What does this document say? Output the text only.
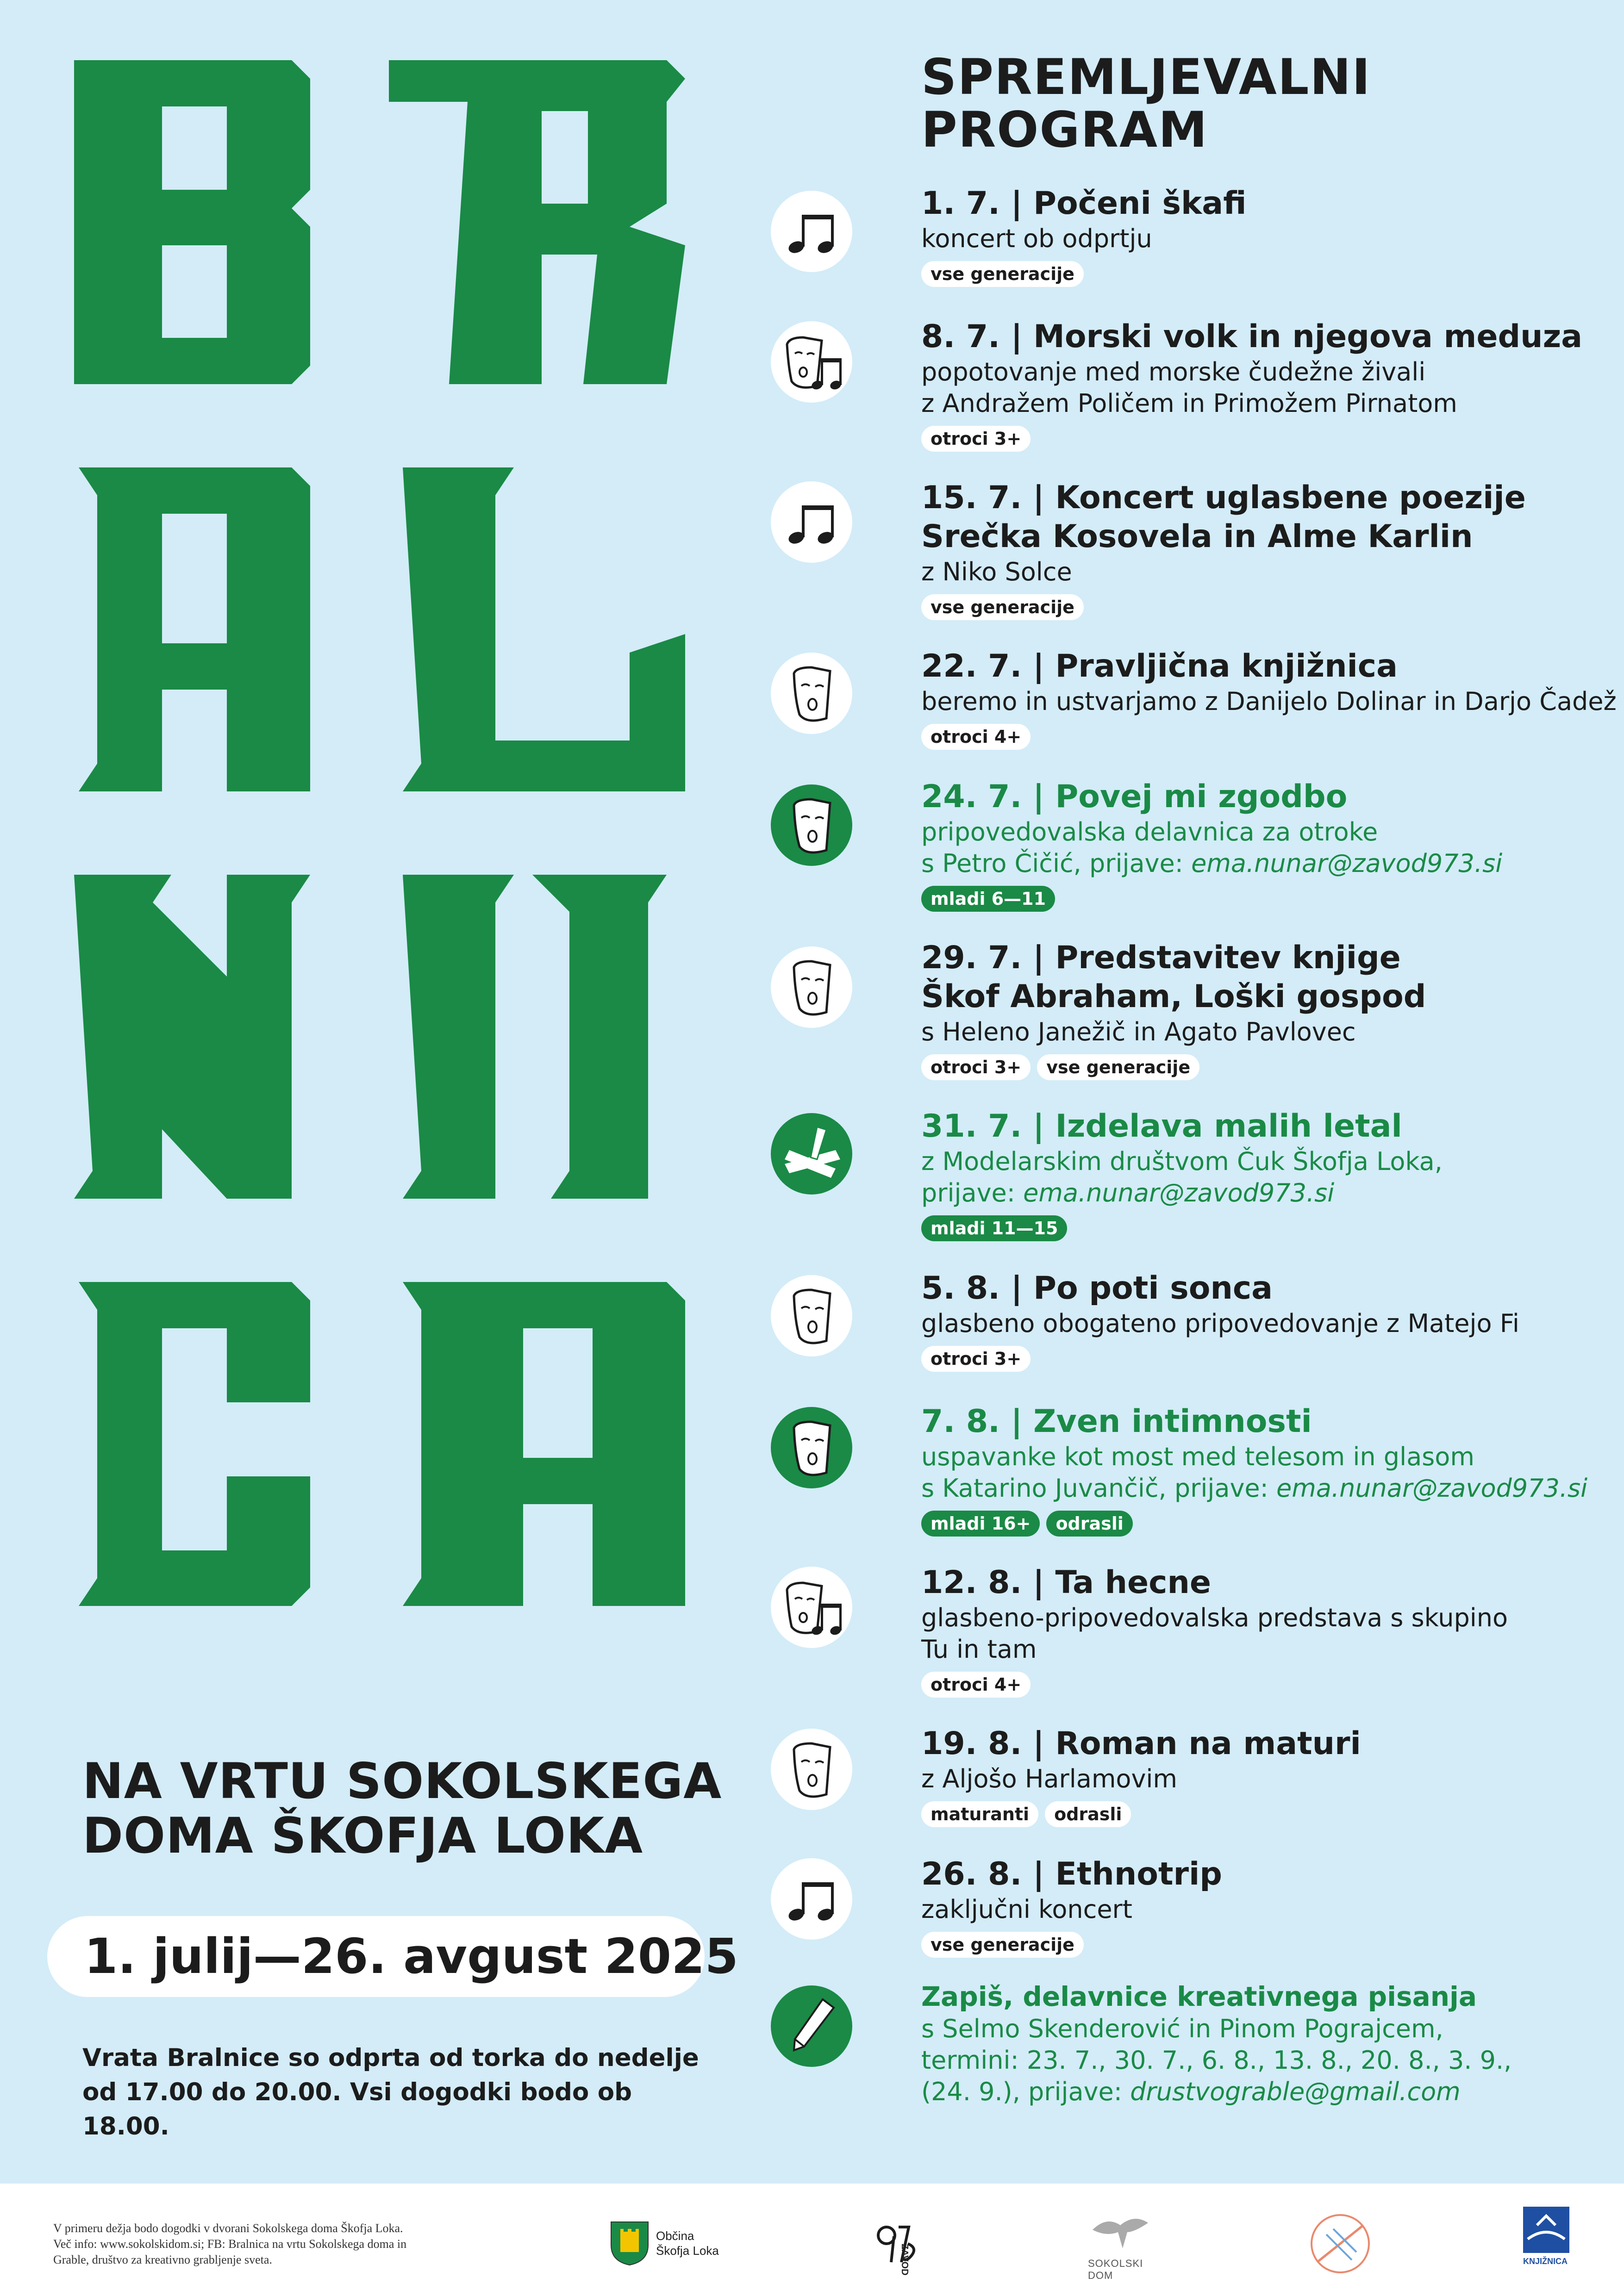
NA VRTU SOKOLSKEGA
DOMA ŠKOFJA LOKA
1. julij—26. avgust 2025
Vrata Bralnice so odprta od torka do nedelje
od 17.00 do 20.00. Vsi dogodki bodo ob 18.00.
SPREMLJEVALNI
PROGRAM
1. 7. | Počeni škafi
koncert ob odprtju
vse generacije
8. 7. | Morski volk in njegova meduza
popotovanje med morske čudežne živali
z Andražem Poličem in Primožem Pirnatom
otroci 3+
15. 7. | Koncert uglasbene poezije
Srečka Kosovela in Alme Karlin
z Niko Solce
vse generacije
22. 7. | Pravljična knjižnica
beremo in ustvarjamo z Danijelo Dolinar in Darjo Čadež
otroci 4+
24. 7. | Povej mi zgodbo
pripovedovalska delavnica za otroke
s Petro Čičić, prijave: ema.nunar@zavod973.si
mladi 6—11
29. 7. | Predstavitev knjige
Škof Abraham, Loški gospod
s Heleno Janežič in Agato Pavlovec
otroci 3+ vse generacije
31. 7. | Izdelava malih letal
z Modelarskim društvom Čuk Škofja Loka,
prijave: ema.nunar@zavod973.si
mladi 11—15
5. 8. | Po poti sonca
glasbeno obogateno pripovedovanje z Matejo Fi
otroci 3+
7. 8. | Zven intimnosti
uspavanke kot most med telesom in glasom
s Katarino Juvančič, prijave: ema.nunar@zavod973.si
mladi 16+ odrasli
12. 8. | Ta hecne
glasbeno-pripovedovalska predstava s skupino
Tu in tam
otroci 4+
19. 8. | Roman na maturi
z Aljošo Harlamovim
maturanti odrasli
26. 8. | Ethnotrip
zaključni koncert
vse generacije
Zapiš, delavnice kreativnega pisanja
s Selmo Skenderović in Pinom Pograjcem,
termini: 23. 7., 30. 7., 6. 8., 13. 8., 20. 8., 3. 9.,
(24. 9.), prijave: drustvograble@gmail.com
V primeru dežja bodo dogodki v dvorani Sokolskega doma Škofja Loka.
Več info: www.sokolskidom.si; FB: Bralnica na vrtu Sokolskega doma in
Grable, društvo za kreativno grabljenje sveta.
Občina
Škofja Loka	ZAVOD	SOKOLSKI DOM
KNJIŽNICA
